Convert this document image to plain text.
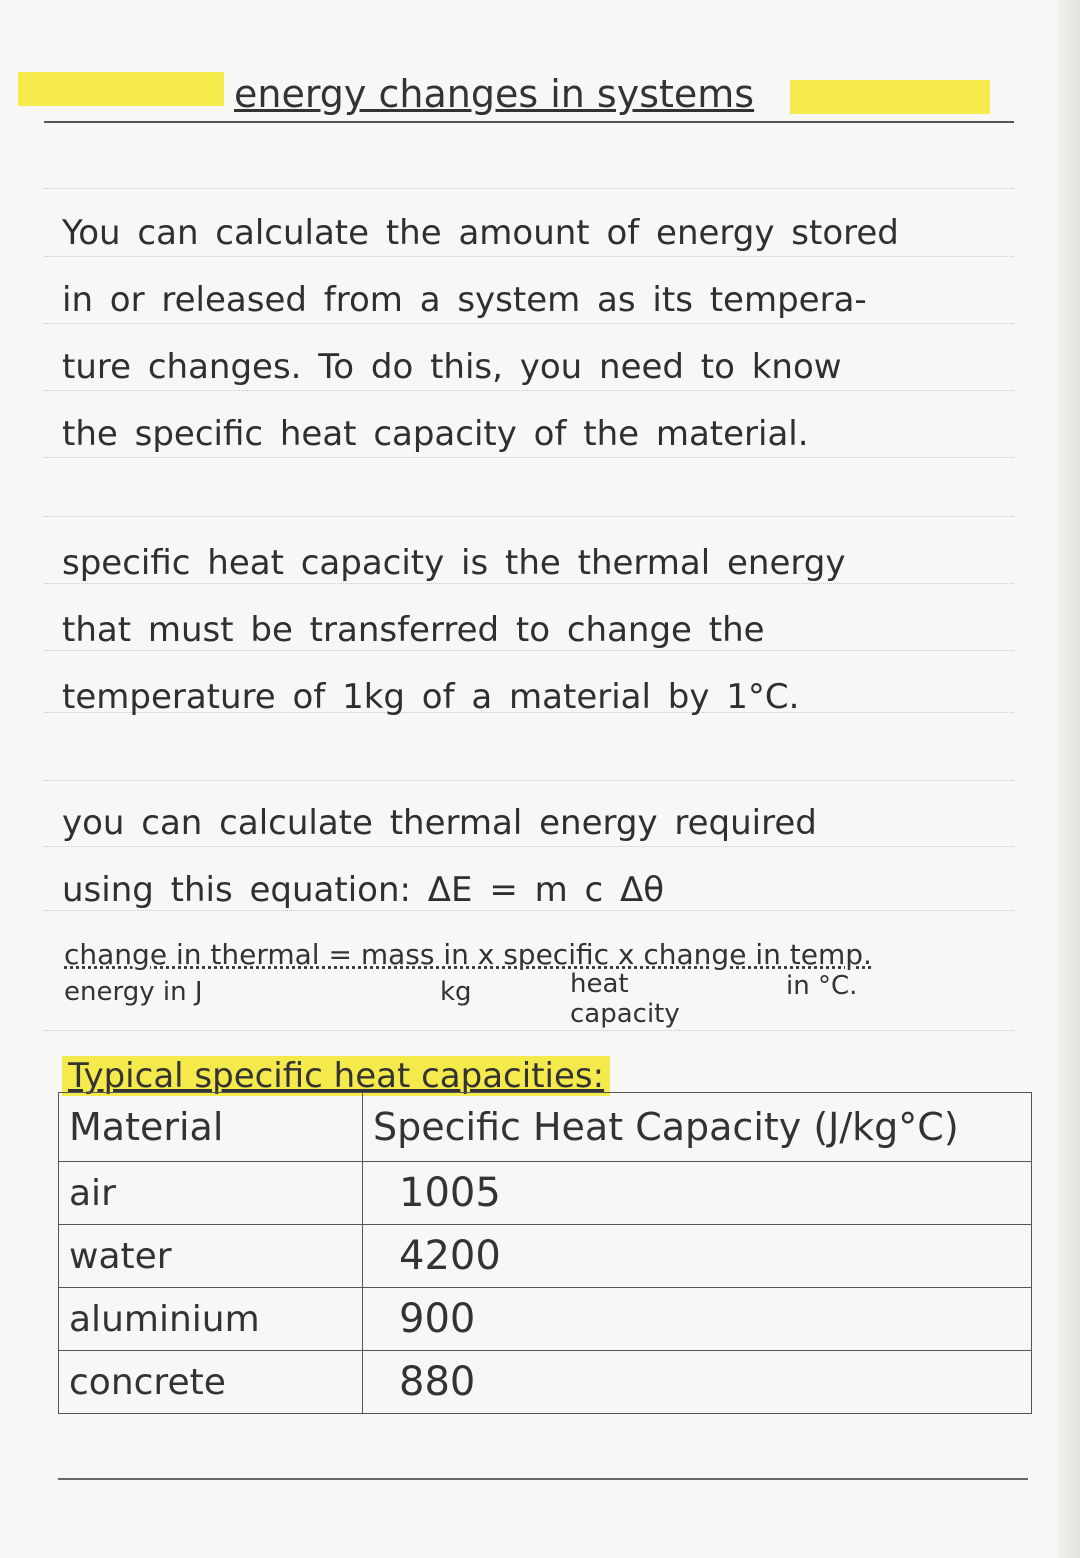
energy changes in systems
You can calculate the amount of energy stored
in or released from a system as its tempera-
ture changes. To do this, you need to know
the specific heat capacity of the material.
specific heat capacity is the thermal energy
that must be transferred to change the
temperature of 1kg of a material by 1°C.
you can calculate thermal energy required
using this equation: ΔE = m c Δθ
change in thermal = mass in x specific x change in temp.
energy in J	kg	heat
capacity
in °C.
Typical specific heat capacities:
Material	Specific Heat Capacity (J/kg°C)
air	1005
water	4200
aluminium	900
concrete	880
